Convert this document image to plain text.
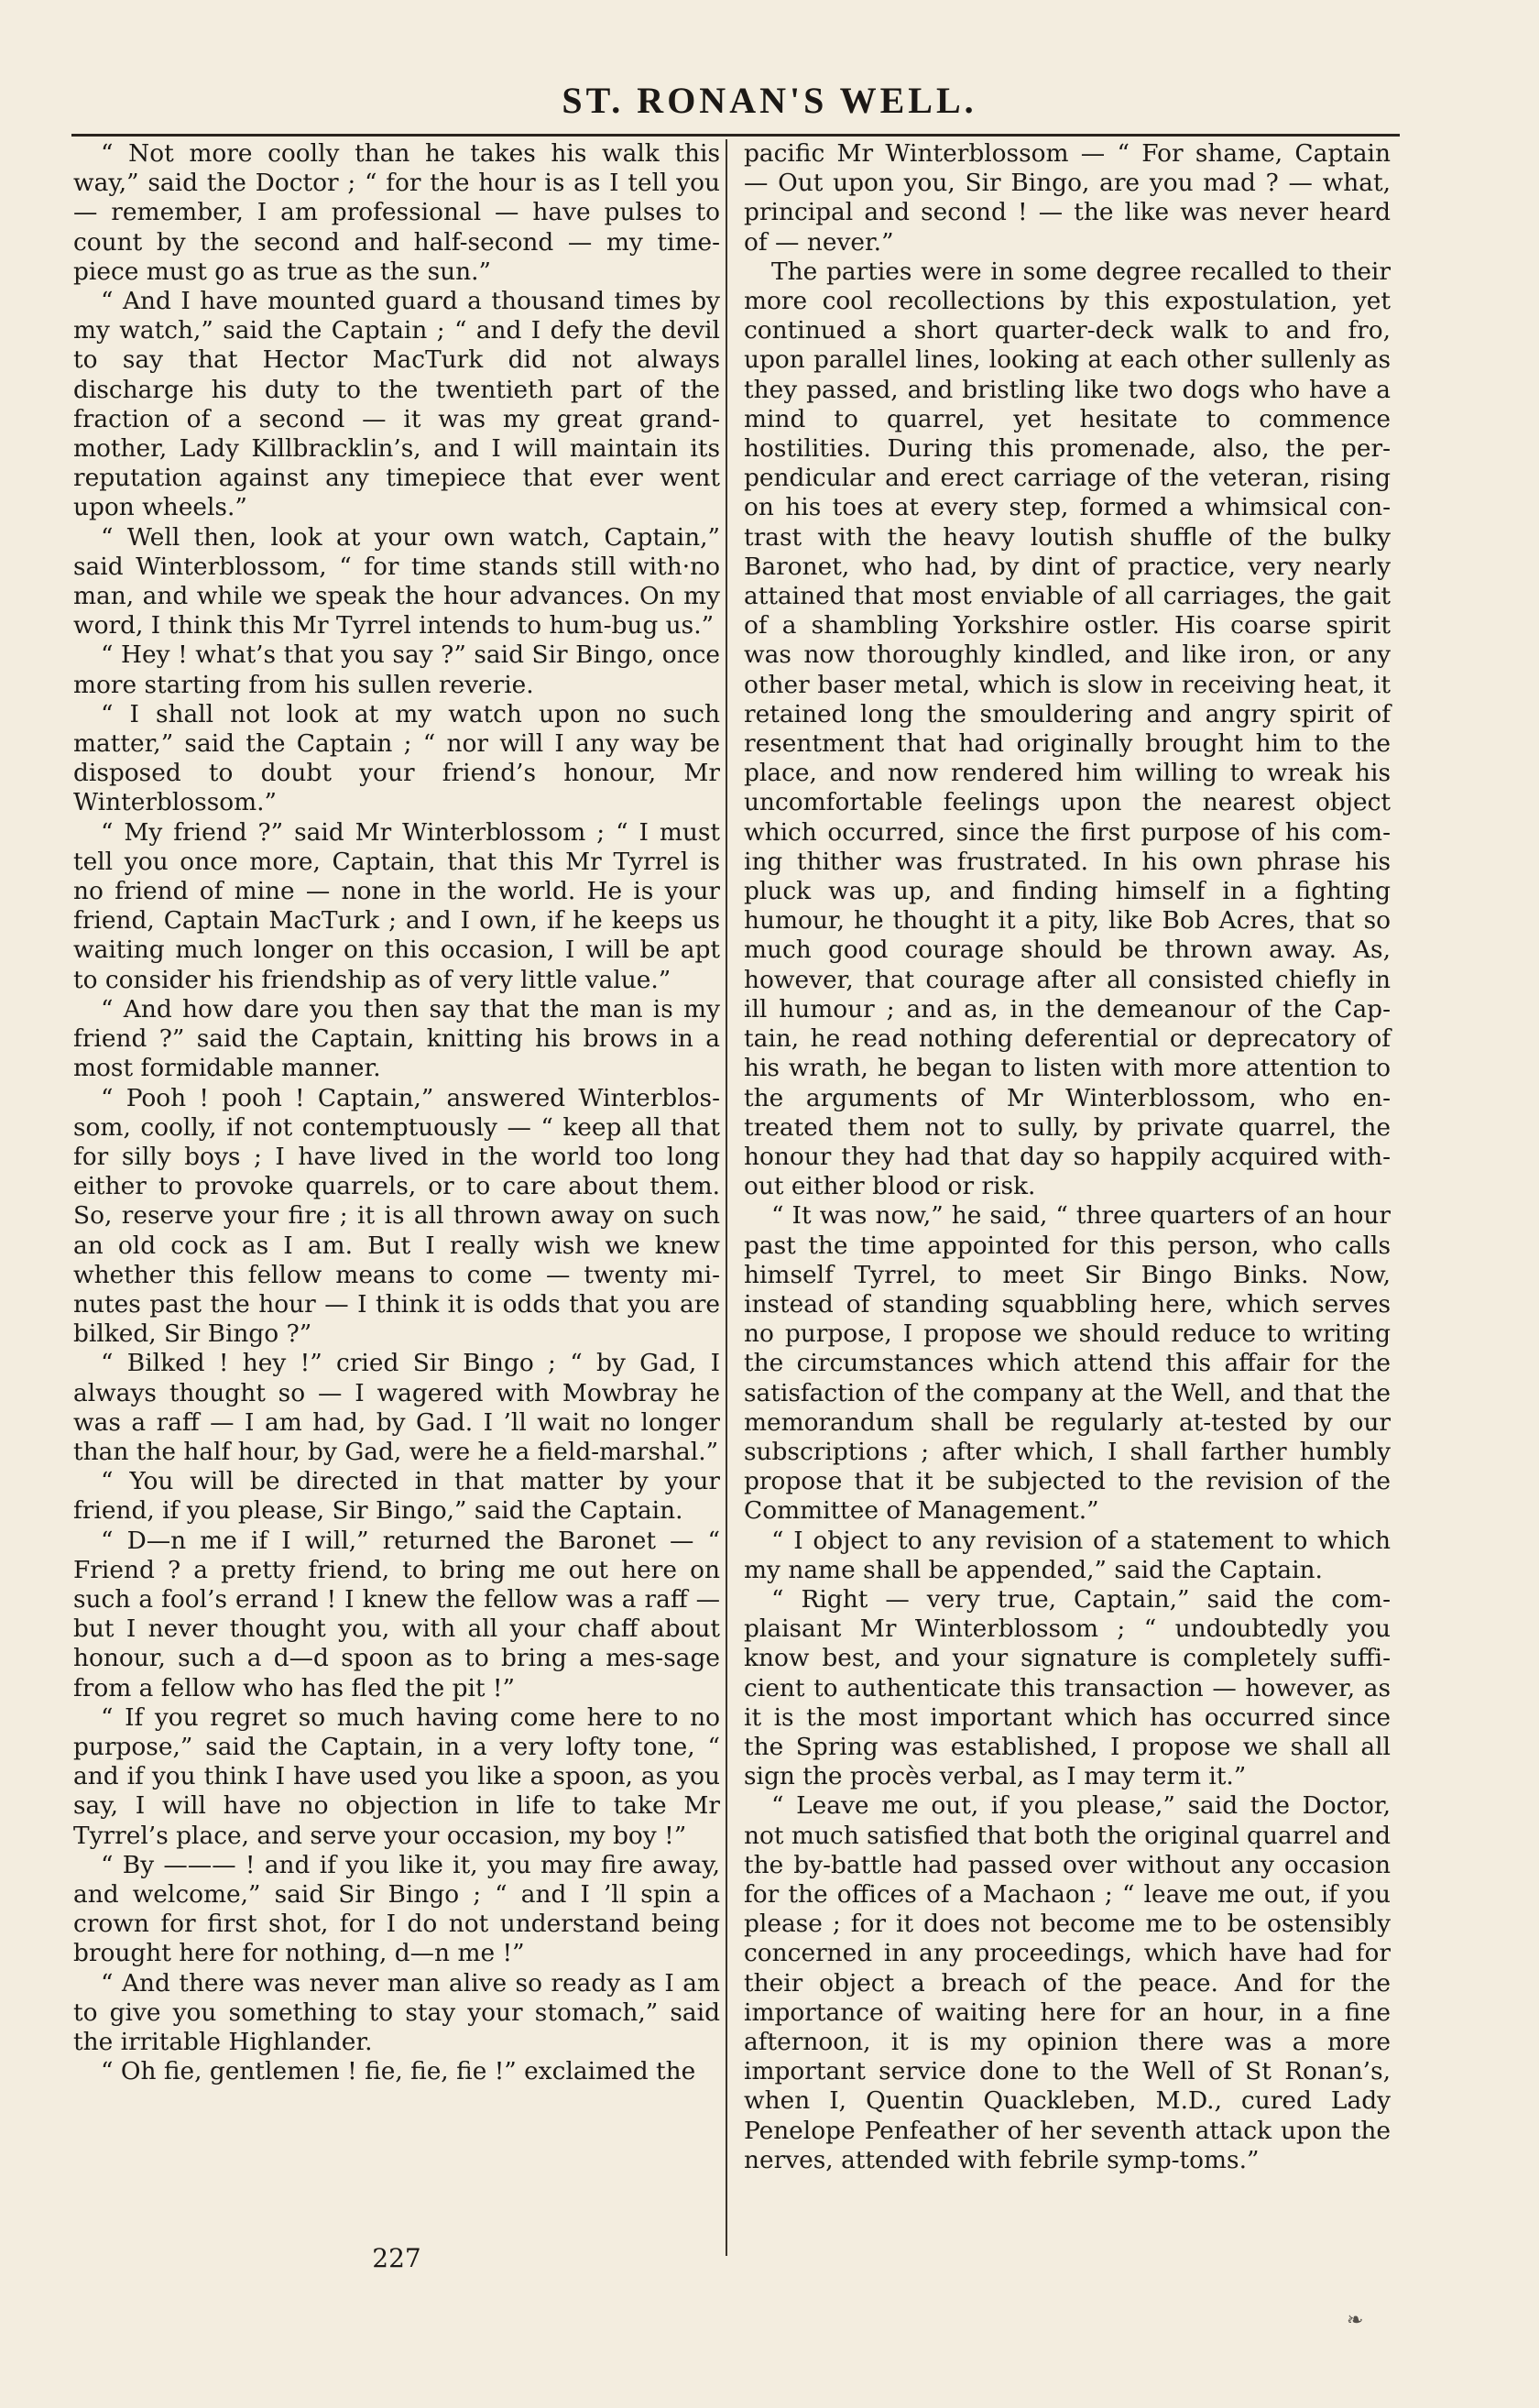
ST. RONAN'S WELL.

“ Not more coolly than he takes his walk this way,” said the Doctor ; “ for the hour is as I tell you — remember, I am professional — have pulses to count by the second and half-second — my time-piece must go as true as the sun.”

“ And I have mounted guard a thousand times by my watch,” said the Captain ; “ and I defy the devil to say that Hector MacTurk did not always discharge his duty to the twentieth part of the fraction of a second — it was my great grand-mother, Lady Killbracklin’s, and I will maintain its reputation against any timepiece that ever went upon wheels.”

“ Well then, look at your own watch, Captain,” said Winterblossom, “ for time stands still with·no man, and while we speak the hour advances. On my word, I think this Mr Tyrrel intends to hum-bug us.”

“ Hey ! what’s that you say ?” said Sir Bingo, once more starting from his sullen reverie.

“ I shall not look at my watch upon no such matter,” said the Captain ; “ nor will I any way be disposed to doubt your friend’s honour, Mr Winterblossom.”

“ My friend ?” said Mr Winterblossom ; “ I must tell you once more, Captain, that this Mr Tyrrel is no friend of mine — none in the world. He is your friend, Captain MacTurk ; and I own, if he keeps us waiting much longer on this occasion, I will be apt to consider his friendship as of very little value.”

“ And how dare you then say that the man is my friend ?” said the Captain, knitting his brows in a most formidable manner.

“ Pooh ! pooh ! Captain,” answered Winterblos-som, coolly, if not contemptuously — “ keep all that for silly boys ; I have lived in the world too long either to provoke quarrels, or to care about them. So, reserve your fire ; it is all thrown away on such an old cock as I am. But I really wish we knew whether this fellow means to come — twenty mi-nutes past the hour — I think it is odds that you are bilked, Sir Bingo ?”

“ Bilked ! hey !” cried Sir Bingo ; “ by Gad, I always thought so — I wagered with Mowbray he was a raff — I am had, by Gad. I ’ll wait no longer than the half hour, by Gad, were he a field-marshal.”

“ You will be directed in that matter by your friend, if you please, Sir Bingo,” said the Captain.

“ D—n me if I will,” returned the Baronet — “ Friend ? a pretty friend, to bring me out here on such a fool’s errand ! I knew the fellow was a raff — but I never thought you, with all your chaff about honour, such a d—d spoon as to bring a mes-sage from a fellow who has fled the pit !”

“ If you regret so much having come here to no purpose,” said the Captain, in a very lofty tone, “ and if you think I have used you like a spoon, as you say, I will have no objection in life to take Mr Tyrrel’s place, and serve your occasion, my boy !”

“ By ——— ! and if you like it, you may fire away, and welcome,” said Sir Bingo ; “ and I ’ll spin a crown for first shot, for I do not understand being brought here for nothing, d—n me !”

“ And there was never man alive so ready as I am to give you something to stay your stomach,” said the irritable Highlander.

“ Oh fie, gentlemen ! fie, fie, fie !” exclaimed the

pacific Mr Winterblossom — “ For shame, Captain — Out upon you, Sir Bingo, are you mad ? — what, principal and second ! — the like was never heard of — never.”

The parties were in some degree recalled to their more cool recollections by this expostulation, yet continued a short quarter-deck walk to and fro, upon parallel lines, looking at each other sullenly as they passed, and bristling like two dogs who have a mind to quarrel, yet hesitate to commence hostilities. During this promenade, also, the per-pendicular and erect carriage of the veteran, rising on his toes at every step, formed a whimsical con-trast with the heavy loutish shuffle of the bulky Baronet, who had, by dint of practice, very nearly attained that most enviable of all carriages, the gait of a shambling Yorkshire ostler. His coarse spirit was now thoroughly kindled, and like iron, or any other baser metal, which is slow in receiving heat, it retained long the smouldering and angry spirit of resentment that had originally brought him to the place, and now rendered him willing to wreak his uncomfortable feelings upon the nearest object which occurred, since the first purpose of his com-ing thither was frustrated. In his own phrase his pluck was up, and finding himself in a fighting humour, he thought it a pity, like Bob Acres, that so much good courage should be thrown away. As, however, that courage after all consisted chiefly in ill humour ; and as, in the demeanour of the Cap-tain, he read nothing deferential or deprecatory of his wrath, he began to listen with more attention to the arguments of Mr Winterblossom, who en-treated them not to sully, by private quarrel, the honour they had that day so happily acquired with-out either blood or risk.

“ It was now,” he said, “ three quarters of an hour past the time appointed for this person, who calls himself Tyrrel, to meet Sir Bingo Binks. Now, instead of standing squabbling here, which serves no purpose, I propose we should reduce to writing the circumstances which attend this affair for the satisfaction of the company at the Well, and that the memorandum shall be regularly at-tested by our subscriptions ; after which, I shall farther humbly propose that it be subjected to the revision of the Committee of Management.”

“ I object to any revision of a statement to which my name shall be appended,” said the Captain.

“ Right — very true, Captain,” said the com-plaisant Mr Winterblossom ; “ undoubtedly you know best, and your signature is completely suffi-cient to authenticate this transaction — however, as it is the most important which has occurred since the Spring was established, I propose we shall all sign the procès verbal, as I may term it.”

“ Leave me out, if you please,” said the Doctor, not much satisfied that both the original quarrel and the by-battle had passed over without any occasion for the offices of a Machaon ; “ leave me out, if you please ; for it does not become me to be ostensibly concerned in any proceedings, which have had for their object a breach of the peace. And for the importance of waiting here for an hour, in a fine afternoon, it is my opinion there was a more important service done to the Well of St Ronan’s, when I, Quentin Quackleben, M.D., cured Lady Penelope Penfeather of her seventh attack upon the nerves, attended with febrile symp-toms.”

227
❧
